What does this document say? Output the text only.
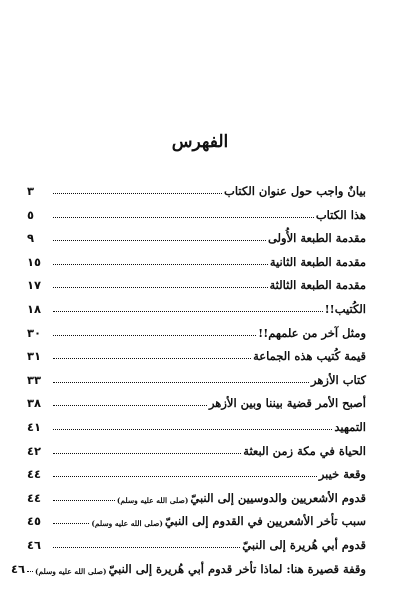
الفهرس
بيانٌ واجب حول عنوان الكتاب
٣
هذا الكتاب
٥
مقدمة الطبعة الأُولى
٩
مقدمة الطبعة الثانية
١٥
مقدمة الطبعة الثالثة
١٧
الكُتيب!!
١٨
ومثل آخر من علمهم!!
٣٠
قيمة كُتيب هذه الجماعة
٣١
كتاب الأزهر
٣٣
أصبح الأمر قضية بيننا وبين الأزهر
٣٨
التمهيد
٤١
الحياة في مكة زمن البعثة
٤٢
وقعة خيبر
٤٤
قدوم الأشعريين والدوسيين إلى النبيّ
(صلى الله عليه وسلم)
٤٤
سبب تأخر الأشعريين في القدوم إلى النبيّ
(صلى الله عليه وسلم)
٤٥
قدوم أبي هُريرة إلى النبيّ
٤٦
وقفة قصيرة هنا: لماذا تأخر قدوم أبي هُريرة إلى النبيّ
(صلى الله عليه وسلم)
٤٦
